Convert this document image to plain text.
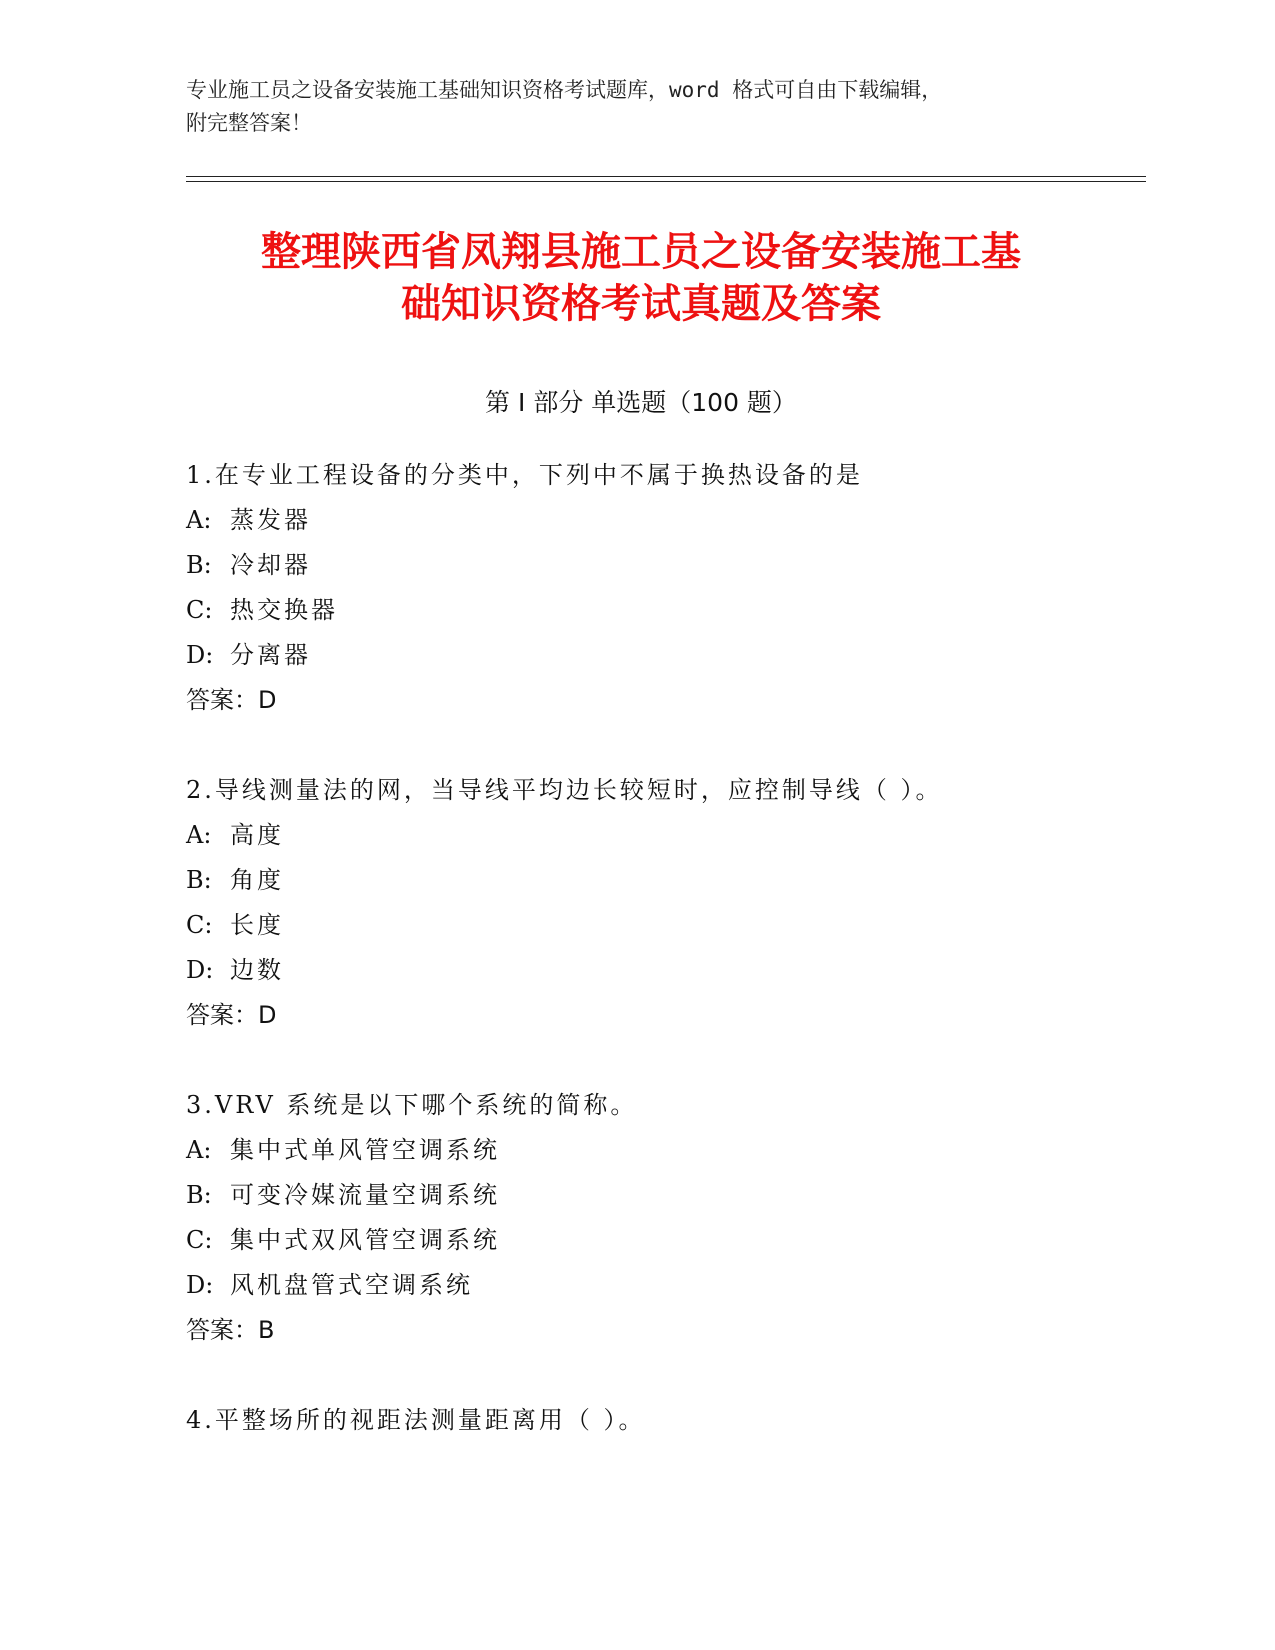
专业施工员之设备安装施工基础知识资格考试题库，word 格式可自由下载编辑，
附完整答案！
整理陕西省凤翔县施工员之设备安装施工基
础知识资格考试真题及答案
第 I 部分 单选题（100 题）
1.在专业工程设备的分类中，下列中不属于换热设备的是
A: 蒸发器
B: 冷却器
C: 热交换器
D: 分离器
答案：D
2.导线测量法的网，当导线平均边长较短时，应控制导线（ ）。
A: 高度
B: 角度
C: 长度
D: 边数
答案：D
3.VRV 系统是以下哪个系统的简称。
A: 集中式单风管空调系统
B: 可变冷媒流量空调系统
C: 集中式双风管空调系统
D: 风机盘管式空调系统
答案：B
4.平整场所的视距法测量距离用（ ）。
